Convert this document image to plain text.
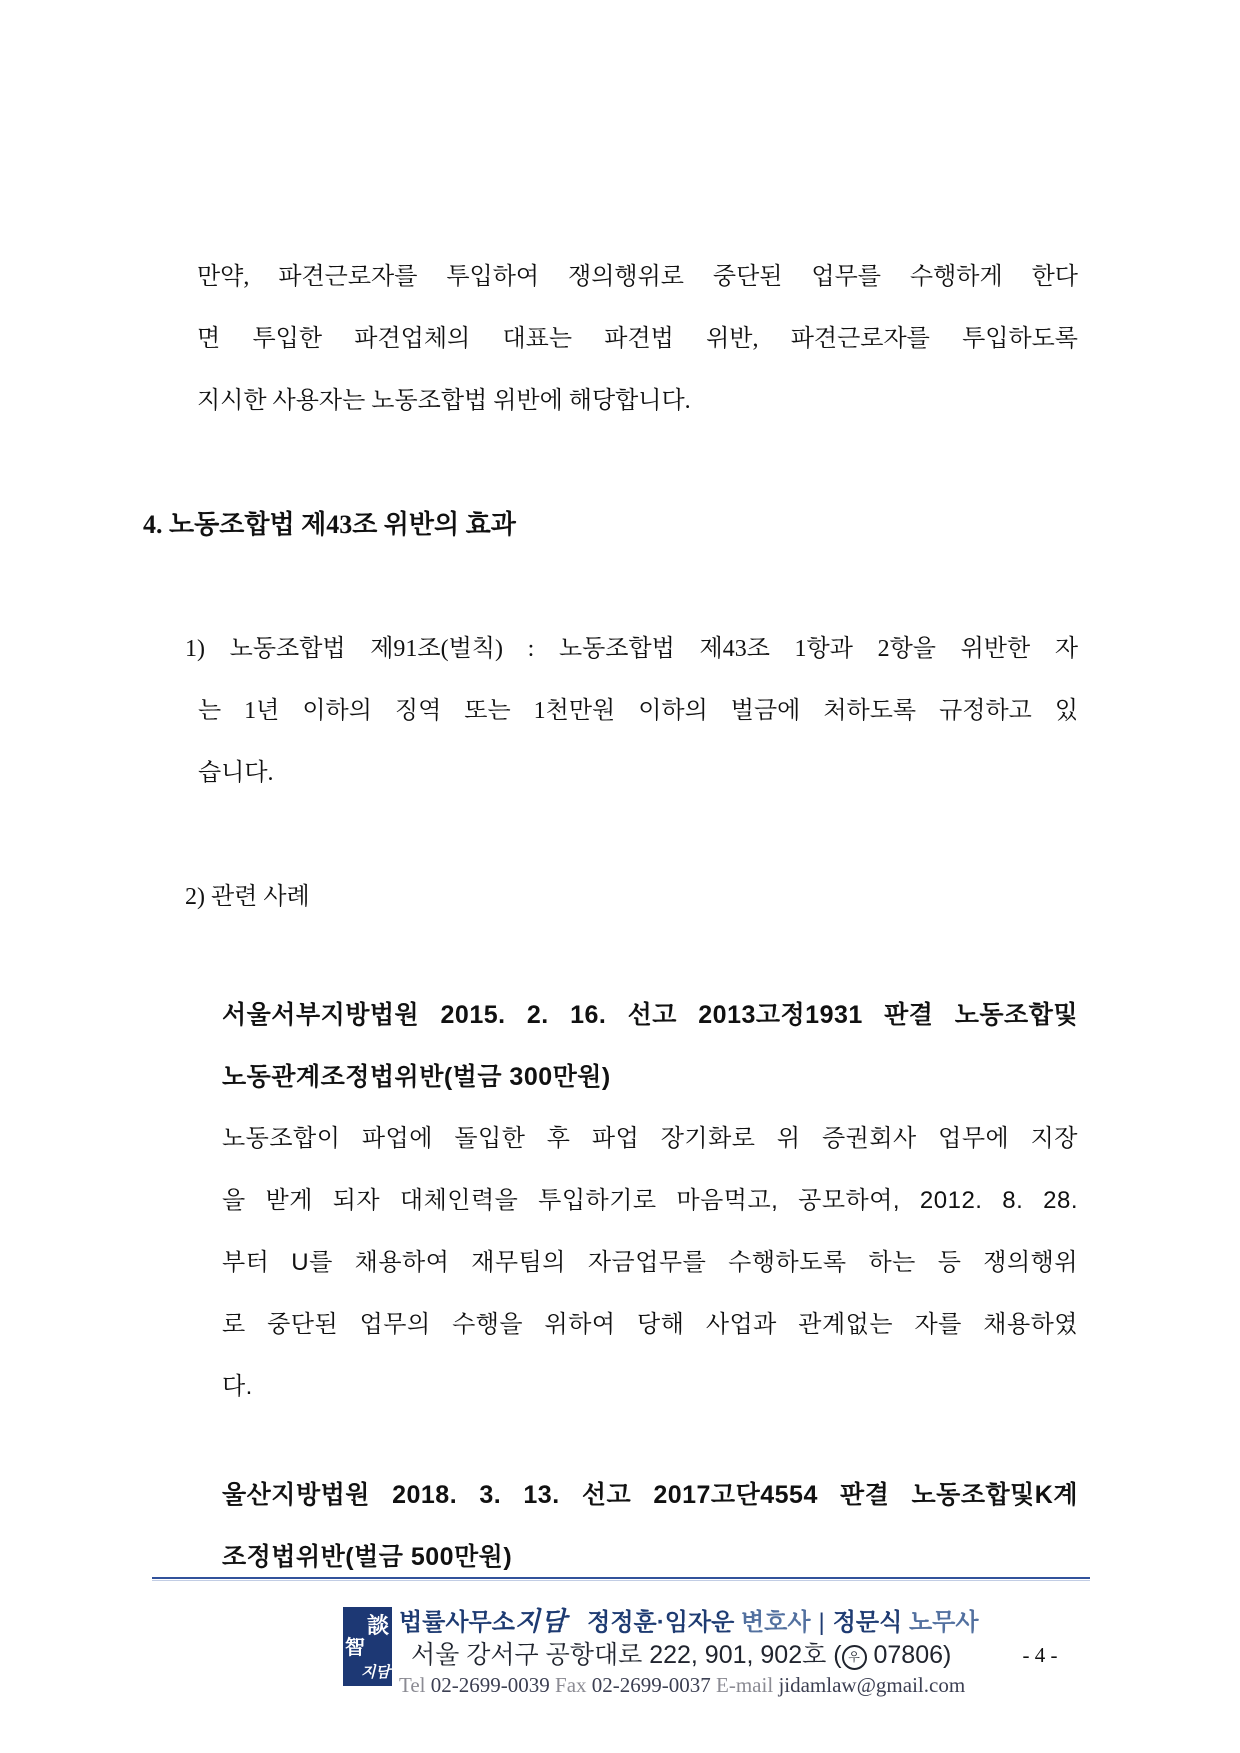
만약, 파견근로자를 투입하여 쟁의행위로 중단된 업무를 수행하게 한다
면 투입한 파견업체의 대표는 파견법 위반, 파견근로자를 투입하도록
지시한 사용자는 노동조합법 위반에 해당합니다.
4. 노동조합법 제43조 위반의 효과
1) 노동조합법 제91조(벌칙) : 노동조합법 제43조 1항과 2항을 위반한 자
는 1년 이하의 징역 또는 1천만원 이하의 벌금에 처하도록 규정하고 있
습니다.
2) 관련 사례
서울서부지방법원 2015. 2. 16. 선고 2013고정1931 판결 노동조합및
노동관계조정법위반(벌금 300만원)
노동조합이 파업에 돌입한 후 파업 장기화로 위 증권회사 업무에 지장
을 받게 되자 대체인력을 투입하기로 마음먹고, 공모하여, 2012. 8. 28.
부터 U를 채용하여 재무팀의 자금업무를 수행하도록 하는 등 쟁의행위
로 중단된 업무의 수행을 위하여 당해 사업과 관계없는 자를 채용하였
다.
울산지방법원 2018. 3. 13. 선고 2017고단4554 판결 노동조합및K계
조정법위반(벌금 500만원)
談
智
지담
법률사무소지담 정정훈·임자운 변호사 | 정문식 노무사
서울 강서구 공항대로 222, 901, 902호 ( 우 07806)
Tel 02-2699-0039 Fax 02-2699-0037 E-mail jidamlaw@gmail.com
- 4 -
